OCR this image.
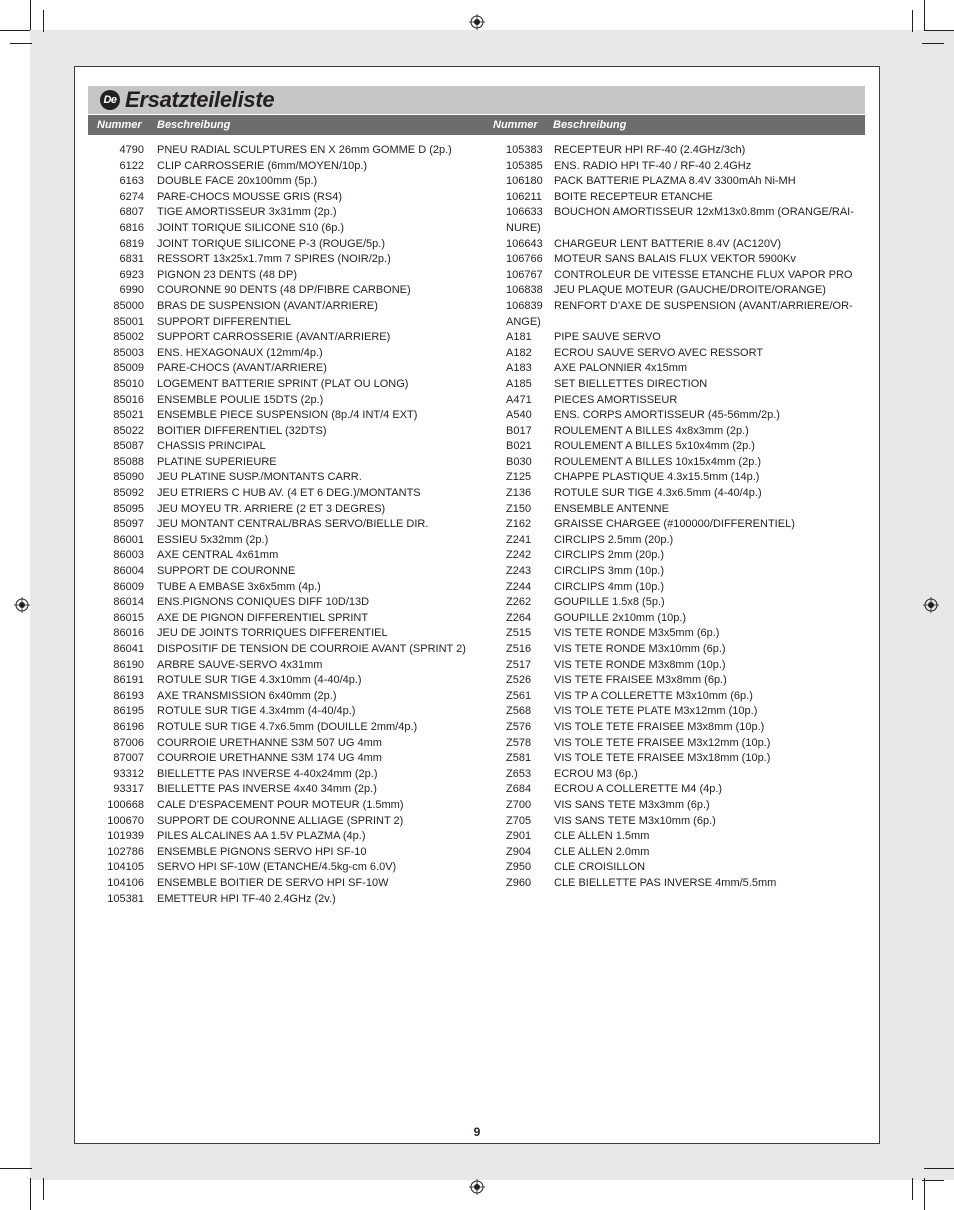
De Ersatzteileliste
Nummer Beschreibung	Nummer Beschreibung
4790 PNEU RADIAL SCULPTURES EN X 26mm GOMME D (2p.)
6122 CLIP CARROSSERIE (6mm/MOYEN/10p.)
6163 DOUBLE FACE 20x100mm (5p.)
6274 PARE-CHOCS MOUSSE GRIS (RS4)
6807 TIGE AMORTISSEUR 3x31mm (2p.)
6816 JOINT TORIQUE SILICONE S10 (6p.)
6819 JOINT TORIQUE SILICONE P-3 (ROUGE/5p.)
6831 RESSORT 13x25x1.7mm 7 SPIRES (NOIR/2p.)
6923 PIGNON 23 DENTS (48 DP)
6990 COURONNE 90 DENTS (48 DP/FIBRE CARBONE)
85000 BRAS DE SUSPENSION (AVANT/ARRIERE)
85001 SUPPORT DIFFERENTIEL
85002 SUPPORT CARROSSERIE (AVANT/ARRIERE)
85003 ENS. HEXAGONAUX (12mm/4p.)
85009 PARE-CHOCS (AVANT/ARRIERE)
85010 LOGEMENT BATTERIE SPRINT (PLAT OU LONG)
85016 ENSEMBLE POULIE 15DTS (2p.)
85021 ENSEMBLE PIECE SUSPENSION (8p./4 INT/4 EXT)
85022 BOITIER DIFFERENTIEL (32DTS)
85087 CHASSIS PRINCIPAL
85088 PLATINE SUPERIEURE
85090 JEU PLATINE SUSP./MONTANTS CARR.
85092 JEU ETRIERS C HUB AV. (4 ET 6 DEG.)/MONTANTS
85095 JEU MOYEU TR. ARRIERE (2 ET 3 DEGRES)
85097 JEU MONTANT CENTRAL/BRAS SERVO/BIELLE DIR.
86001 ESSIEU 5x32mm (2p.)
86003 AXE CENTRAL 4x61mm
86004 SUPPORT DE COURONNE
86009 TUBE A EMBASE 3x6x5mm (4p.)
86014 ENS.PIGNONS CONIQUES DIFF 10D/13D
86015 AXE DE PIGNON DIFFERENTIEL SPRINT
86016 JEU DE JOINTS TORRIQUES DIFFERENTIEL
86041 DISPOSITIF DE TENSION DE COURROIE AVANT (SPRINT 2)
86190 ARBRE SAUVE-SERVO 4x31mm
86191 ROTULE SUR TIGE 4.3x10mm (4-40/4p.)
86193 AXE TRANSMISSION 6x40mm (2p.)
86195 ROTULE SUR TIGE 4.3x4mm (4-40/4p.)
86196 ROTULE SUR TIGE 4.7x6.5mm (DOUILLE 2mm/4p.)
87006 COURROIE URETHANNE S3M 507 UG 4mm
87007 COURROIE URETHANNE S3M 174 UG 4mm
93312 BIELLETTE PAS INVERSE 4-40x24mm (2p.)
93317 BIELLETTE PAS INVERSE 4x40 34mm (2p.)
100668 CALE D’ESPACEMENT POUR MOTEUR (1.5mm)
100670 SUPPORT DE COURONNE ALLIAGE (SPRINT 2)
101939 PILES ALCALINES AA 1.5V PLAZMA (4p.)
102786 ENSEMBLE PIGNONS SERVO HPI SF-10
104105 SERVO HPI SF-10W (ETANCHE/4.5kg-cm 6.0V)
104106 ENSEMBLE BOITIER DE SERVO HPI SF-10W
105381 EMETTEUR HPI TF-40 2.4GHz (2v.)
105383 RECEPTEUR HPI RF-40 (2.4GHz/3ch)
105385 ENS. RADIO HPI TF-40 / RF-40 2.4GHz
106180 PACK BATTERIE PLAZMA 8.4V 3300mAh Ni-MH
106211 BOITE RECEPTEUR ETANCHE
106633 BOUCHON AMORTISSEUR 12xM13x0.8mm (ORANGE/RAI-
NURE)
106643 CHARGEUR LENT BATTERIE 8.4V (AC120V)
106766 MOTEUR SANS BALAIS FLUX VEKTOR 5900Kv
106767 CONTROLEUR DE VITESSE ETANCHE FLUX VAPOR PRO
106838 JEU PLAQUE MOTEUR (GAUCHE/DROITE/ORANGE)
106839 RENFORT D’AXE DE SUSPENSION (AVANT/ARRIERE/OR-
ANGE)
A181 PIPE SAUVE SERVO
A182 ECROU SAUVE SERVO AVEC RESSORT
A183 AXE PALONNIER 4x15mm
A185 SET BIELLETTES DIRECTION
A471 PIECES AMORTISSEUR
A540 ENS. CORPS AMORTISSEUR (45-56mm/2p.)
B017 ROULEMENT A BILLES 4x8x3mm (2p.)
B021 ROULEMENT A BILLES 5x10x4mm (2p.)
B030 ROULEMENT A BILLES 10x15x4mm (2p.)
Z125 CHAPPE PLASTIQUE 4.3x15.5mm (14p.)
Z136 ROTULE SUR TIGE 4.3x6.5mm (4-40/4p.)
Z150 ENSEMBLE ANTENNE
Z162 GRAISSE CHARGEE (#100000/DIFFERENTIEL)
Z241 CIRCLIPS 2.5mm (20p.)
Z242 CIRCLIPS 2mm (20p.)
Z243 CIRCLIPS 3mm (10p.)
Z244 CIRCLIPS 4mm (10p.)
Z262 GOUPILLE 1.5x8 (5p.)
Z264 GOUPILLE 2x10mm (10p.)
Z515 VIS TETE RONDE M3x5mm (6p.)
Z516 VIS TETE RONDE M3x10mm (6p.)
Z517 VIS TETE RONDE M3x8mm (10p.)
Z526 VIS TETE FRAISEE M3x8mm (6p.)
Z561 VIS TP A COLLERETTE M3x10mm (6p.)
Z568 VIS TOLE TETE PLATE M3x12mm (10p.)
Z576 VIS TOLE TETE FRAISEE M3x8mm (10p.)
Z578 VIS TOLE TETE FRAISEE M3x12mm (10p.)
Z581 VIS TOLE TETE FRAISEE M3x18mm (10p.)
Z653 ECROU M3 (6p.)
Z684 ECROU A COLLERETTE M4 (4p.)
Z700 VIS SANS TETE M3x3mm (6p.)
Z705 VIS SANS TETE M3x10mm (6p.)
Z901 CLE ALLEN 1.5mm
Z904 CLE ALLEN 2.0mm
Z950 CLE CROISILLON
Z960 CLE BIELLETTE PAS INVERSE 4mm/5.5mm
9
